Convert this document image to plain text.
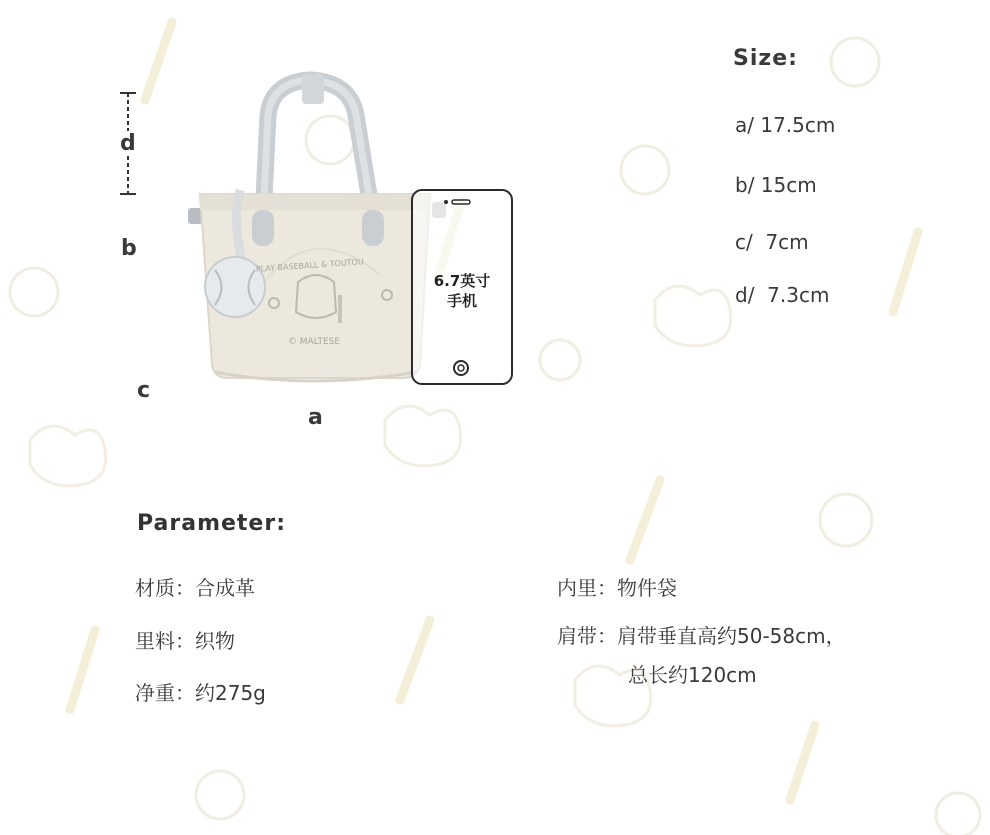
PLAY BASEBALL & TOUTOU
© MALTESE
6.7英寸
手机
d
b
c
a
Size:
a/ 17.5cm
b/ 15cm
c/  7cm
d/  7.3cm
Parameter:
材质：合成革
里料：织物
净重：约275g
内里：物件袋
肩带：肩带垂直高约50-58cm，
总长约120cm
